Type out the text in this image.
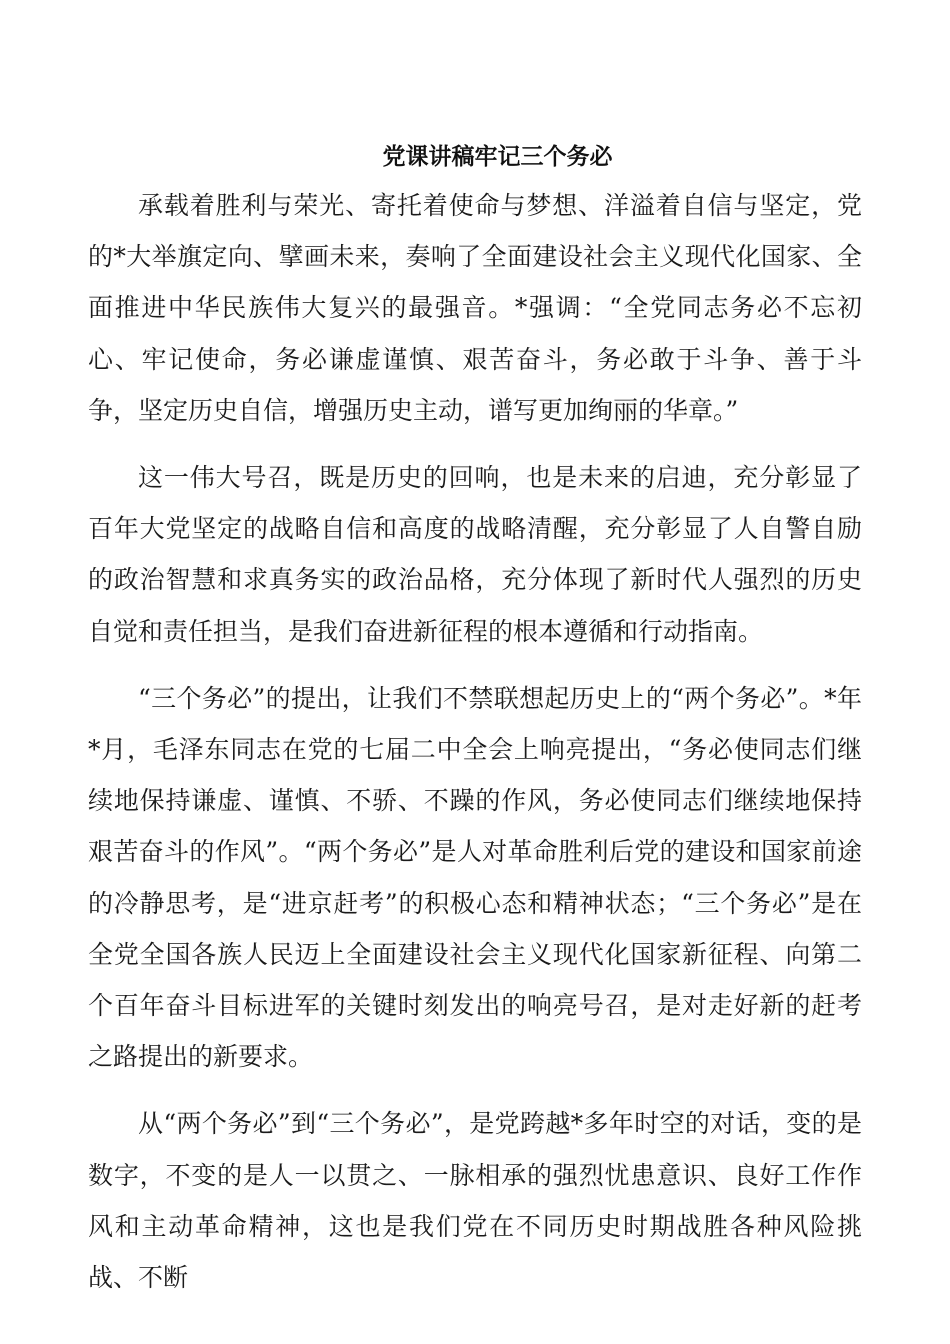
党课讲稿牢记三个务必

承载着胜利与荣光、寄托着使命与梦想、洋溢着自信与坚定，党的*大举旗定向、擘画未来，奏响了全面建设社会主义现代化国家、全面推进中华民族伟大复兴的最强音。*强调：“全党同志务必不忘初心、牢记使命，务必谦虚谨慎、艰苦奋斗，务必敢于斗争、善于斗争，坚定历史自信，增强历史主动，谱写更加绚丽的华章。”

这一伟大号召，既是历史的回响，也是未来的启迪，充分彰显了百年大党坚定的战略自信和高度的战略清醒，充分彰显了人自警自励的政治智慧和求真务实的政治品格，充分体现了新时代人强烈的历史自觉和责任担当，是我们奋进新征程的根本遵循和行动指南。

“三个务必”的提出，让我们不禁联想起历史上的“两个务必”。*年*月，毛泽东同志在党的七届二中全会上响亮提出，“务必使同志们继续地保持谦虚、谨慎、不骄、不躁的作风，务必使同志们继续地保持艰苦奋斗的作风”。“两个务必”是人对革命胜利后党的建设和国家前途的冷静思考，是“进京赶考”的积极心态和精神状态；“三个务必”是在全党全国各族人民迈上全面建设社会主义现代化国家新征程、向第二个百年奋斗目标进军的关键时刻发出的响亮号召，是对走好新的赶考之路提出的新要求。

从“两个务必”到“三个务必”，是党跨越*多年时空的对话，变的是数字，不变的是人一以贯之、一脉相承的强烈忧患意识、良好工作作风和主动革命精神，这也是我们党在不同历史时期战胜各种风险挑战、不断
